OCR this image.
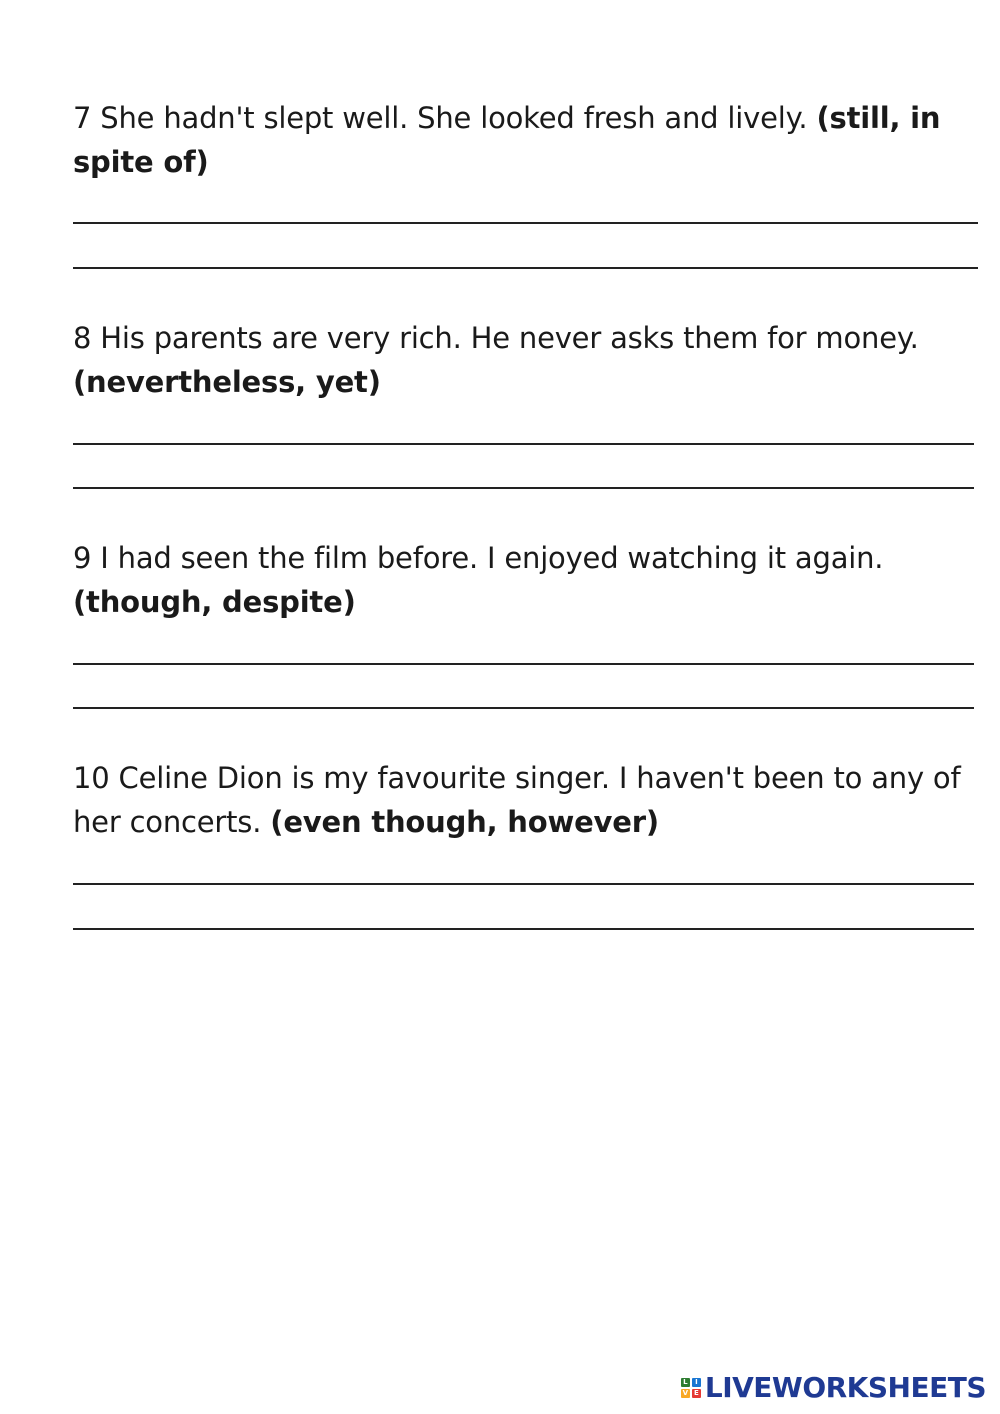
7 She hadn't slept well. She looked fresh and lively. (still, in spite of)

8 His parents are very rich. He never asks them for money. (nevertheless, yet)

9 I had seen the film before. I enjoyed watching it again. (though, despite)

10 Celine Dion is my favourite singer. I haven't been to any of her concerts. (even though, however)

L	I
V E LIVEWORKSHEETS
